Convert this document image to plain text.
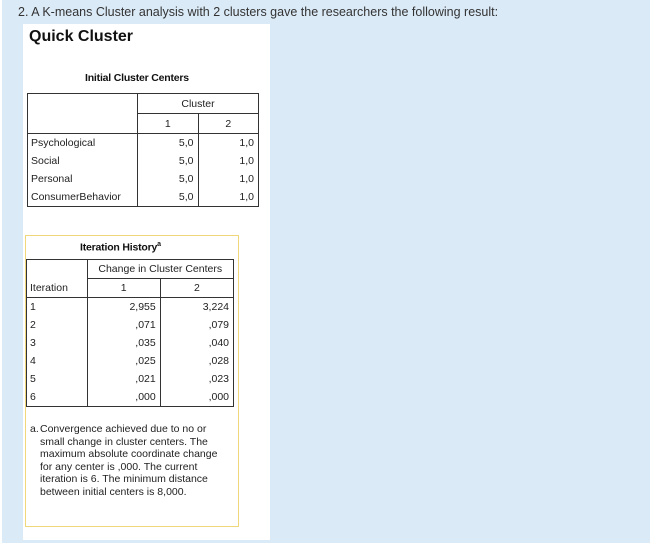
2. A K-means Cluster analysis with 2 clusters gave the researchers the following result:
Quick Cluster
Initial Cluster Centers
	Cluster	
	1	2
Psychological	5,0	1,0
Social	5,0	1,0
Personal	5,0	1,0
ConsumerBehavior	5,0	1,0
Iteration History$^a$
	Change in Cluster Centers	
Iteration	1	2
1	2,955	3,224
2	,071	,079
3	,035	,040
4	,025	,028
5	,021	,023
6	,000	,000
a. Convergence achieved due to no or small change in cluster centers. The maximum absolute coordinate change for any center is ,000. The current iteration is 6. The minimum distance between initial centers is 8,000.
